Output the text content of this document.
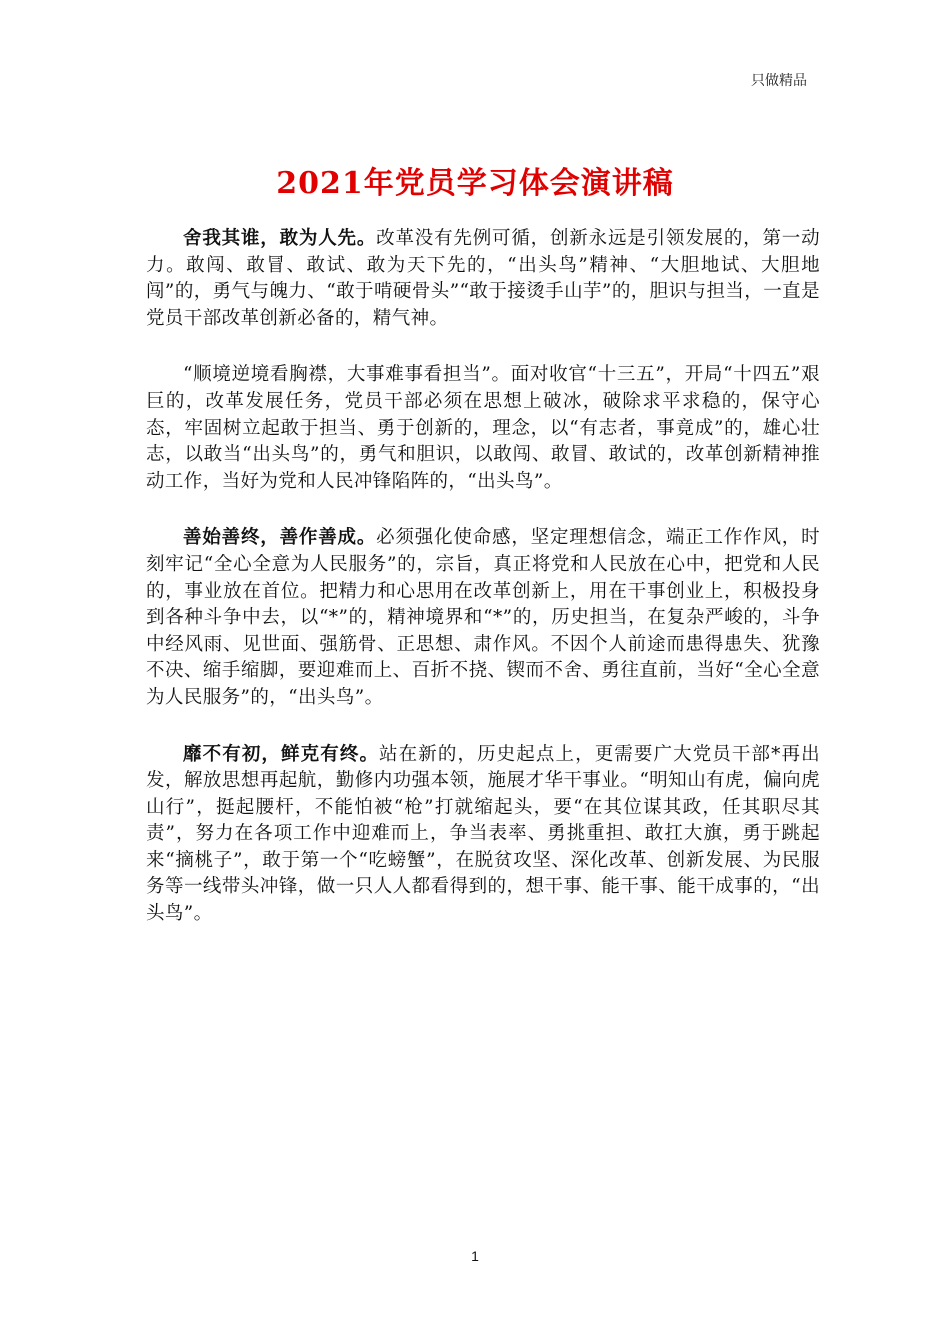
只做精品
2021年党员学习体会演讲稿

舍我其谁，敢为人先。改革没有先例可循，创新永远是引领发展的，第一动力。敢闯、敢冒、敢试、敢为天下先的，“出头鸟”精神、“大胆地试、大胆地闯”的，勇气与魄力、“敢于啃硬骨头”“敢于接烫手山芋”的，胆识与担当，一直是党员干部改革创新必备的，精气神。

“顺境逆境看胸襟，大事难事看担当”。面对收官“十三五”，开局“十四五”艰巨的，改革发展任务，党员干部必须在思想上破冰，破除求平求稳的，保守心态，牢固树立起敢于担当、勇于创新的，理念，以“有志者，事竟成”的，雄心壮志，以敢当“出头鸟”的，勇气和胆识，以敢闯、敢冒、敢试的，改革创新精神推动工作，当好为党和人民冲锋陷阵的，“出头鸟”。

善始善终，善作善成。必须强化使命感，坚定理想信念，端正工作作风，时刻牢记“全心全意为人民服务”的，宗旨，真正将党和人民放在心中，把党和人民的，事业放在首位。把精力和心思用在改革创新上，用在干事创业上，积极投身到各种斗争中去，以“*”的，精神境界和“*”的，历史担当，在复杂严峻的，斗争中经风雨、见世面、强筋骨、正思想、肃作风。不因个人前途而患得患失、犹豫不决、缩手缩脚，要迎难而上、百折不挠、锲而不舍、勇往直前，当好“全心全意为人民服务”的，“出头鸟”。

靡不有初，鲜克有终。站在新的，历史起点上，更需要广大党员干部*再出发，解放思想再起航，勤修内功强本领，施展才华干事业。“明知山有虎，偏向虎山行”，挺起腰杆，不能怕被“枪”打就缩起头，要“在其位谋其政，任其职尽其责”，努力在各项工作中迎难而上，争当表率、勇挑重担、敢扛大旗，勇于跳起来“摘桃子”，敢于第一个“吃螃蟹”，在脱贫攻坚、深化改革、创新发展、为民服务等一线带头冲锋，做一只人人都看得到的，想干事、能干事、能干成事的，“出头鸟”。

1
